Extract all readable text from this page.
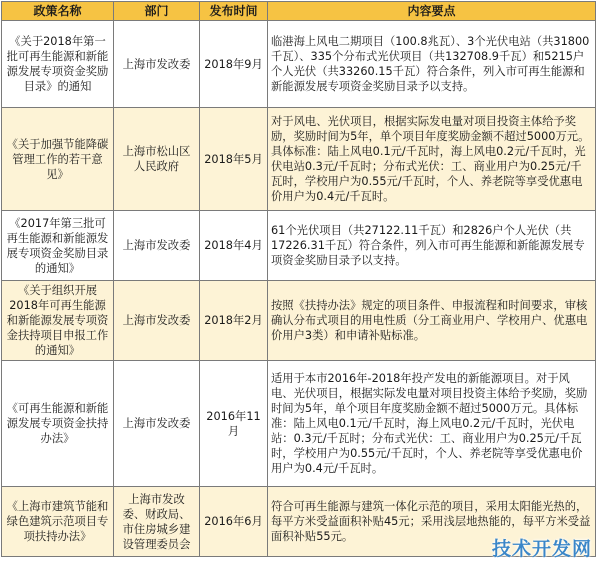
政策名称	部门	发布时间	内容要点
《关于2018年第一批可再生能源和新能源发展专项资金奖励目录》的通知	上海市发改委	2018年9月	临港海上风电二期项目（100.8兆瓦）、3个光伏电站（共31800千瓦）、335个分布式光伏项目（共132708.9千瓦）和5215户个人光伏（共33260.15千瓦）符合条件，列入市可再生能源和新能源发展专项资金奖励目录予以支持。
《关于加强节能降碳管理工作的若干意见》	上海市松山区人民政府	2018年5月	对于风电、光伏项目，根据实际发电量对项目投资主体给予奖励，奖励时间为5年，单个项目年度奖励金额不超过5000万元。具体标准：陆上风电0.1元/千瓦时，海上风电0.2元/千瓦时，光伏电站0.3元/千瓦时；分布式光伏：工、商业用户为0.25元/千瓦时，学校用户为0.55元/千瓦时，个人、养老院等享受优惠电价用户为0.4元/千瓦时。
《2017年第三批可再生能源和新能源发展专项资金奖励目录的通知》	上海市发改委	2018年4月	61个光伏项目（共27122.11千瓦）和2826户个人光伏（共17226.31千瓦）符合条件，列入市可再生能源和新能源发展专项资金奖励目录予以支持。
《关于组织开展2018年可再生能源和新能源发展专项资金扶持项目申报工作的通知》	上海市发改委	2018年2月	按照《扶持办法》规定的项目条件、申报流程和时间要求，审核确认分布式项目的用电性质（分工商业用户、学校用户、优惠电价用户3类）和申请补贴标准。
《可再生能源和新能源发展专项资金扶持办法》	上海市发改委	2016年11月	适用于本市2016年-2018年投产发电的新能源项目。对于风电、光伏项目，根据实际发电量对项目投资主体给予奖励，奖励时间为5年，单个项目年度奖励金额不超过5000万元。具体标准：陆上风电0.1元/千瓦时，海上风电0.2元/千瓦时，光伏电站：0.3元/千瓦时；分布式光伏：工、商业用户为0.25元/千瓦时，学校用户为0.55元/千瓦时，个人、养老院等享受优惠电价用户为0.4元/千瓦时。
《上海市建筑节能和绿色建筑示范项目专项扶持办法》	上海市发改委、财政局、市住房城乡建设管理委员会	2016年6月	符合可再生能源与建筑一体化示范的项目，采用太阳能光热的，每平方米受益面积补贴45元；采用浅层地热能的，每平方米受益面积补贴55元。
技术开发网
